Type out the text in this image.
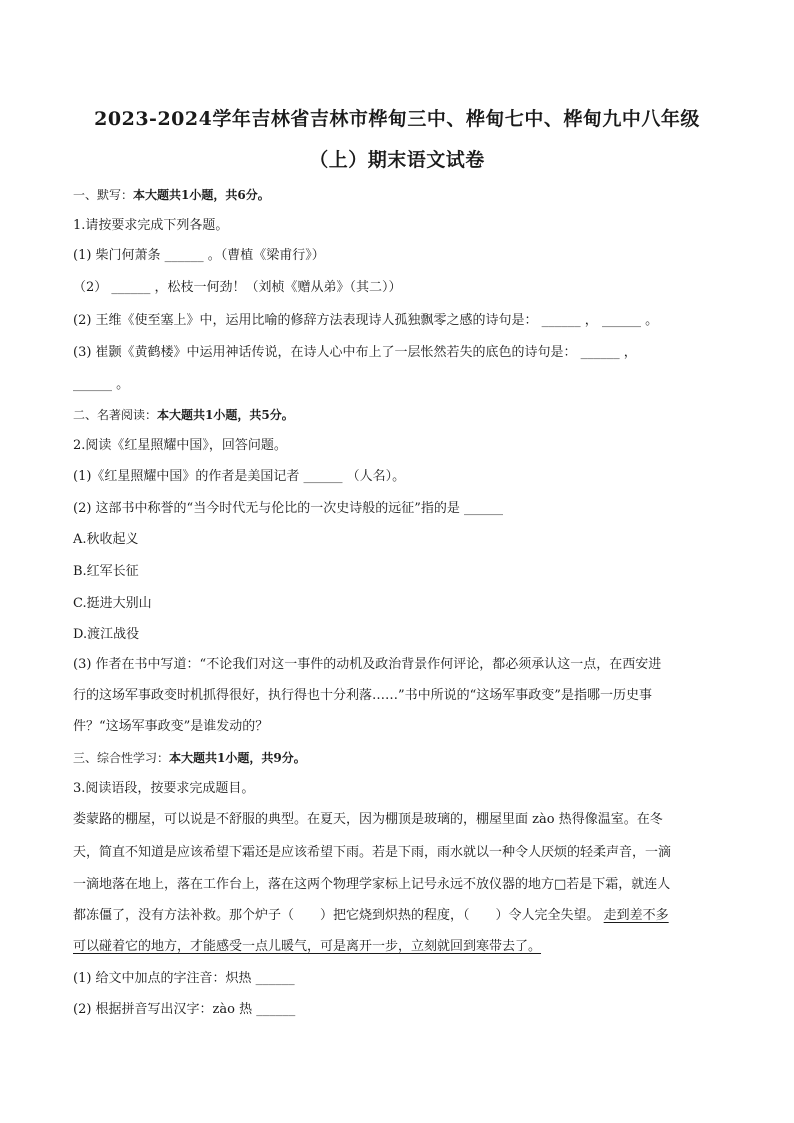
2023-2024学年吉林省吉林市桦甸三中、桦甸七中、桦甸九中八年级
（上）期末语文试卷

一、默写：本大题共1小题，共6分。

1.请按要求完成下列各题。

(1) 柴门何萧条 ______ 。（曹植《梁甫行》）

（2） ______ ，松枝一何劲！（刘桢《赠从弟》（其二））

(2) 王维《使至塞上》中，运用比喻的修辞方法表现诗人孤独飘零之感的诗句是： ______ ， ______ 。

(3) 崔颢《黄鹤楼》中运用神话传说，在诗人心中布上了一层怅然若失的底色的诗句是： ______ ，

______ 。

二、名著阅读：本大题共1小题，共5分。

2.阅读《红星照耀中国》，回答问题。

(1)《红星照耀中国》的作者是美国记者 ______ （人名）。

(2) 这部书中称誉的“当今时代无与伦比的一次史诗般的远征”指的是 ______

A.秋收起义

B.红军长征

C.挺进大别山

D.渡江战役

(3) 作者在书中写道：“不论我们对这一事件的动机及政治背景作何评论，都必须承认这一点，在西安进

行的这场军事政变时机抓得很好，执行得也十分利落……”书中所说的“这场军事政变”是指哪一历史事

件？“这场军事政变”是谁发动的？

三、综合性学习：本大题共1小题，共9分。

3.阅读语段，按要求完成题目。

娄蒙路的棚屋，可以说是不舒服的典型。在夏天，因为棚顶是玻璃的，棚屋里面 zào 热得像温室。在冬

天，简直不知道是应该希望下霜还是应该希望下雨。若是下雨，雨水就以一种令人厌烦的轻柔声音，一滴

一滴地落在地上，落在工作台上，落在这两个物理学家标上记号永远不放仪器的地方□若是下霜，就连人

都冻僵了，没有方法补救。那个炉子（　　）把它烧到炽热的程度，（　　）令人完全失望。 走到差不多

可以碰着它的地方，才能感受一点儿暖气，可是离开一步，立刻就回到寒带去了。

(1) 给文中加点的字注音：炽热 ______

(2) 根据拼音写出汉字：zào 热 ______
